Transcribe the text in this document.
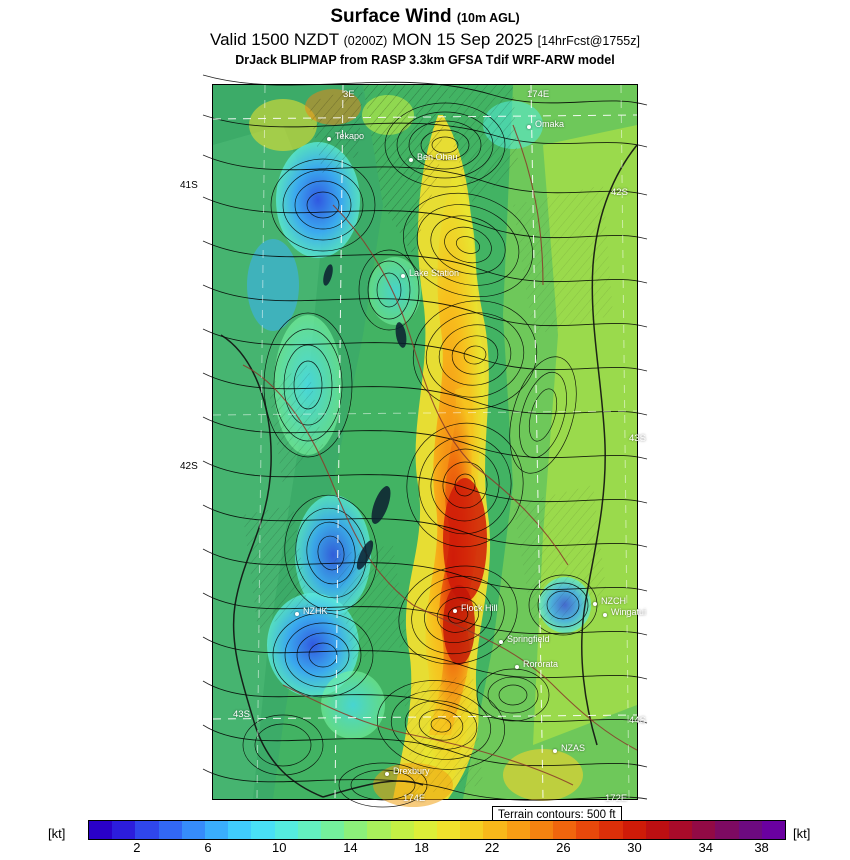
Surface Wind (10m AGL)
Valid 1500 NZDT (0200Z) MON 15 Sep 2025 [14hrFcst@1755z]
DrJack BLIPMAP from RASP 3.3km GFSA Tdif WRF-ARW model
41S
42S
Omaka
Tekapo
Ben Ohau
Lake Station
NZHK	Flock Hill
NZCH
Wingatui
Springfield
Rororata
NZAS
Drexbury
3E	174E
42S
43S
44S
43S
174E	172E
Terrain contours: 500 ft
[kt]
2	6	10	14	18	22	26	30	34	38
[kt]
